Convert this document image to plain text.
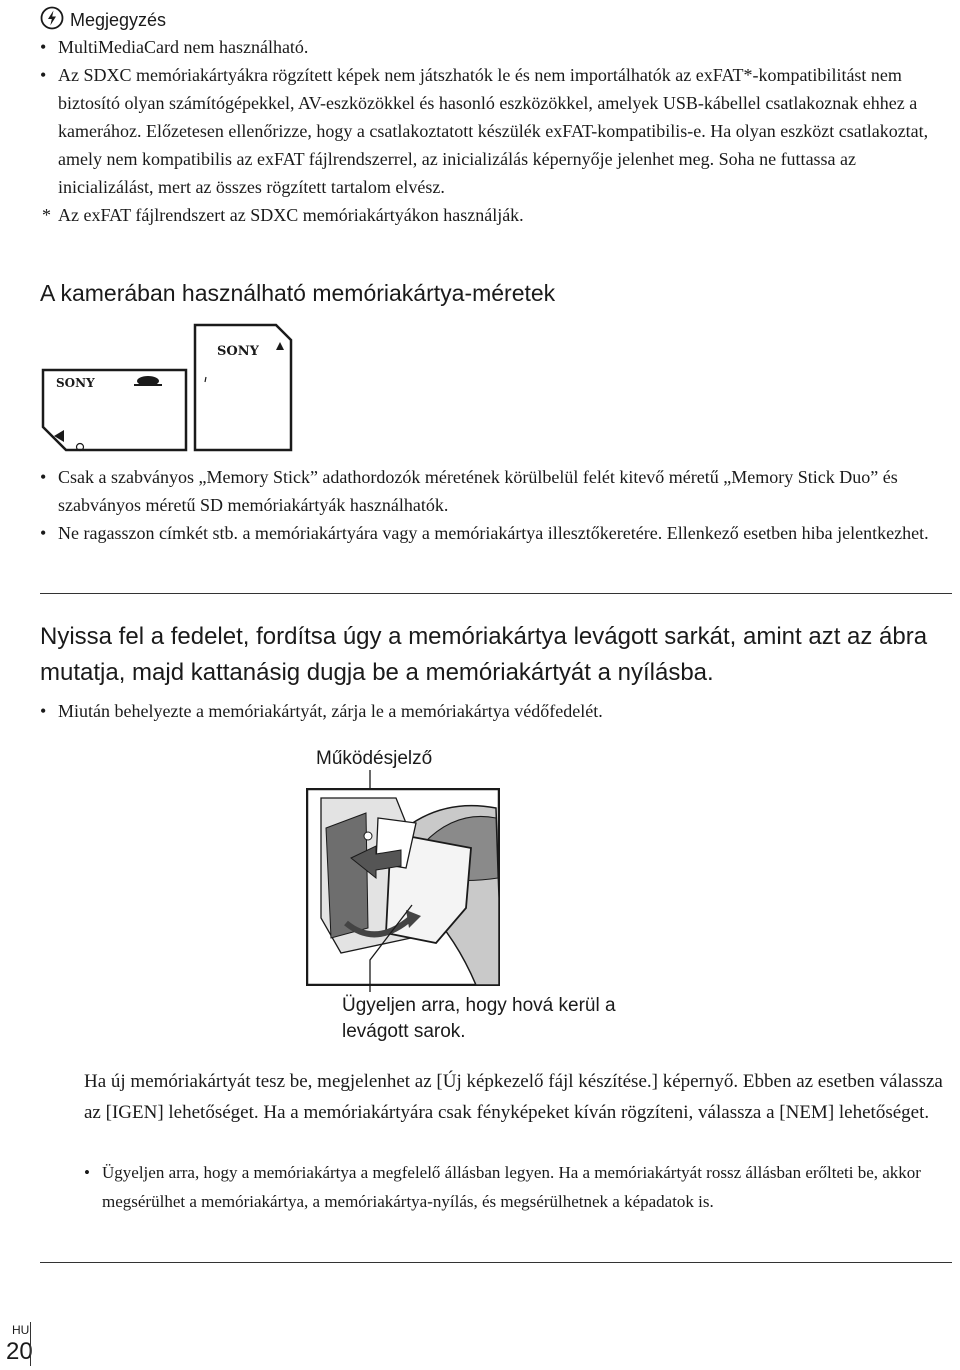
Megjegyzés
• MultiMediaCard nem használható.
• Az SDXC memóriakártyákra rögzített képek nem játszhatók le és nem importálhatók az exFAT*-kompatibilitást nem biztosító olyan számítógépekkel, AV-eszközökkel és hasonló eszközökkel, amelyek USB-kábellel csatlakoznak ehhez a kamerához. Előzetesen ellenőrizze, hogy a csatlakoztatott készülék exFAT-kompatibilis-e. Ha olyan eszközt csatlakoztat, amely nem kompatibilis az exFAT fájlrendszerrel, az inicializálás képernyője jelenhet meg. Soha ne futtassa az inicializálást, mert az összes rögzített tartalom elvész.
* Az exFAT fájlrendszert az SDXC memóriakártyákon használják.
A kamerában használható memóriakártya-méretek
SONY
SONY
• Csak a szabványos „Memory Stick” adathordozók méretének körülbelül felét kitevő méretű „Memory Stick Duo” és szabványos méretű SD memóriakártyák használhatók.
• Ne ragasszon címkét stb. a memóriakártyára vagy a memóriakártya illesztőkeretére. Ellenkező esetben hiba jelentkezhet.
Nyissa fel a fedelet, fordítsa úgy a memóriakártya levágott sarkát, amint azt az ábra mutatja, majd kattanásig dugja be a memóriakártyát a nyílásba.
• Miután behelyezte a memóriakártyát, zárja le a memóriakártya védőfedelét.
Működésjelző
Ügyeljen arra, hogy hová kerül a levágott sarok.
Ha új memóriakártyát tesz be, megjelenhet az [Új képkezelő fájl készítése.] képernyő. Ebben az esetben válassza az [IGEN] lehetőséget. Ha a memóriakártyára csak fényképeket kíván rögzíteni, válassza a [NEM] lehetőséget.
• Ügyeljen arra, hogy a memóriakártya a megfelelő állásban legyen. Ha a memóriakártyát rossz állásban erőlteti be, akkor megsérülhet a memóriakártya, a memóriakártya-nyílás, és megsérülhetnek a képadatok is.
HU
20
